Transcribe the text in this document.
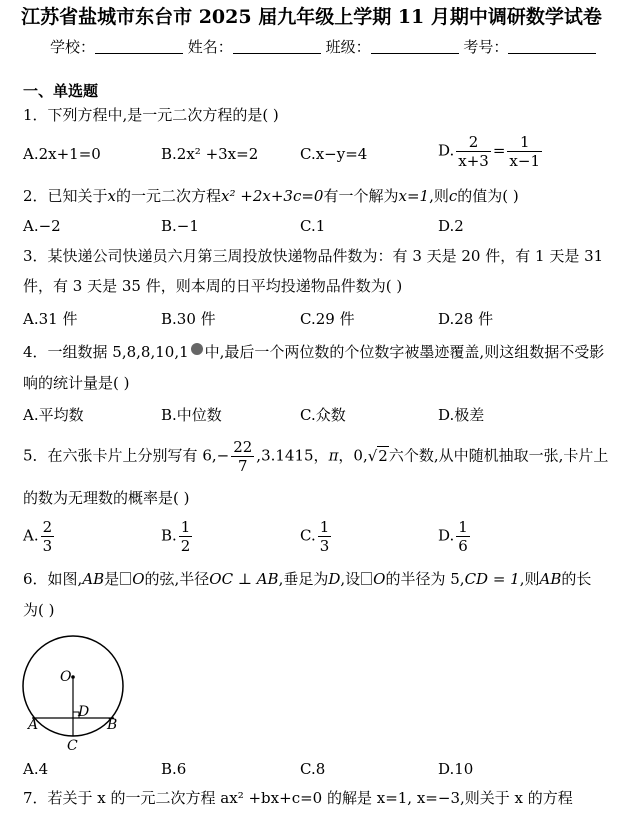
江苏省盐城市东台市 2025 届九年级上学期 11 月期中调研数学试卷
学校：	姓名：	班级：	考号：
一、单选题
1．下列方程中,是一元二次方程的是( )
A.2x+1=0	B.2x² +3x=2	C.x−y=4	D. $\frac{2}{x+3} = \frac{1}{x-1}$
2．已知关于x的一元二次方程x² +2x+3c=0有一个解为x=1,则c的值为( )
A.−2	B.−1	C.1	D.2
3．某快递公司快递员六月第三周投放快递物品件数为：有 3 天是 20 件，有 1 天是 31
件，有 3 天是 35 件，则本周的日平均投递物品件数为( )
A.31 件	B.30 件	C.29 件	D.28 件
4．一组数据 5,8,8,10,1 中,最后一个两位数的个位数字被墨迹覆盖,则这组数据不受影
响的统计量是( )
A.平均数	B.中位数	C.众数	D.极差
5．在六张卡片上分别写有 $6,- \frac{22}{7} ,3.1415$，π，0,√2六个数,从中随机抽取一张,卡片上
的数为无理数的概率是( )
A. $\frac{2}{3}$	B. $\frac{1}{2}$	C. $\frac{1}{3}$	D. $\frac{1}{6}$
6．如图,AB是 O的弦,半径OC ⊥ AB,垂足为D,设 O的半径为 5,CD = 1,则AB的长
为( )
O
D
A	B
C
A.4	B.6	C.8	D.10
7．若关于 x 的一元二次方程 ax² +bx+c=0 的解是 x=1, x=−3,则关于 x 的方程
